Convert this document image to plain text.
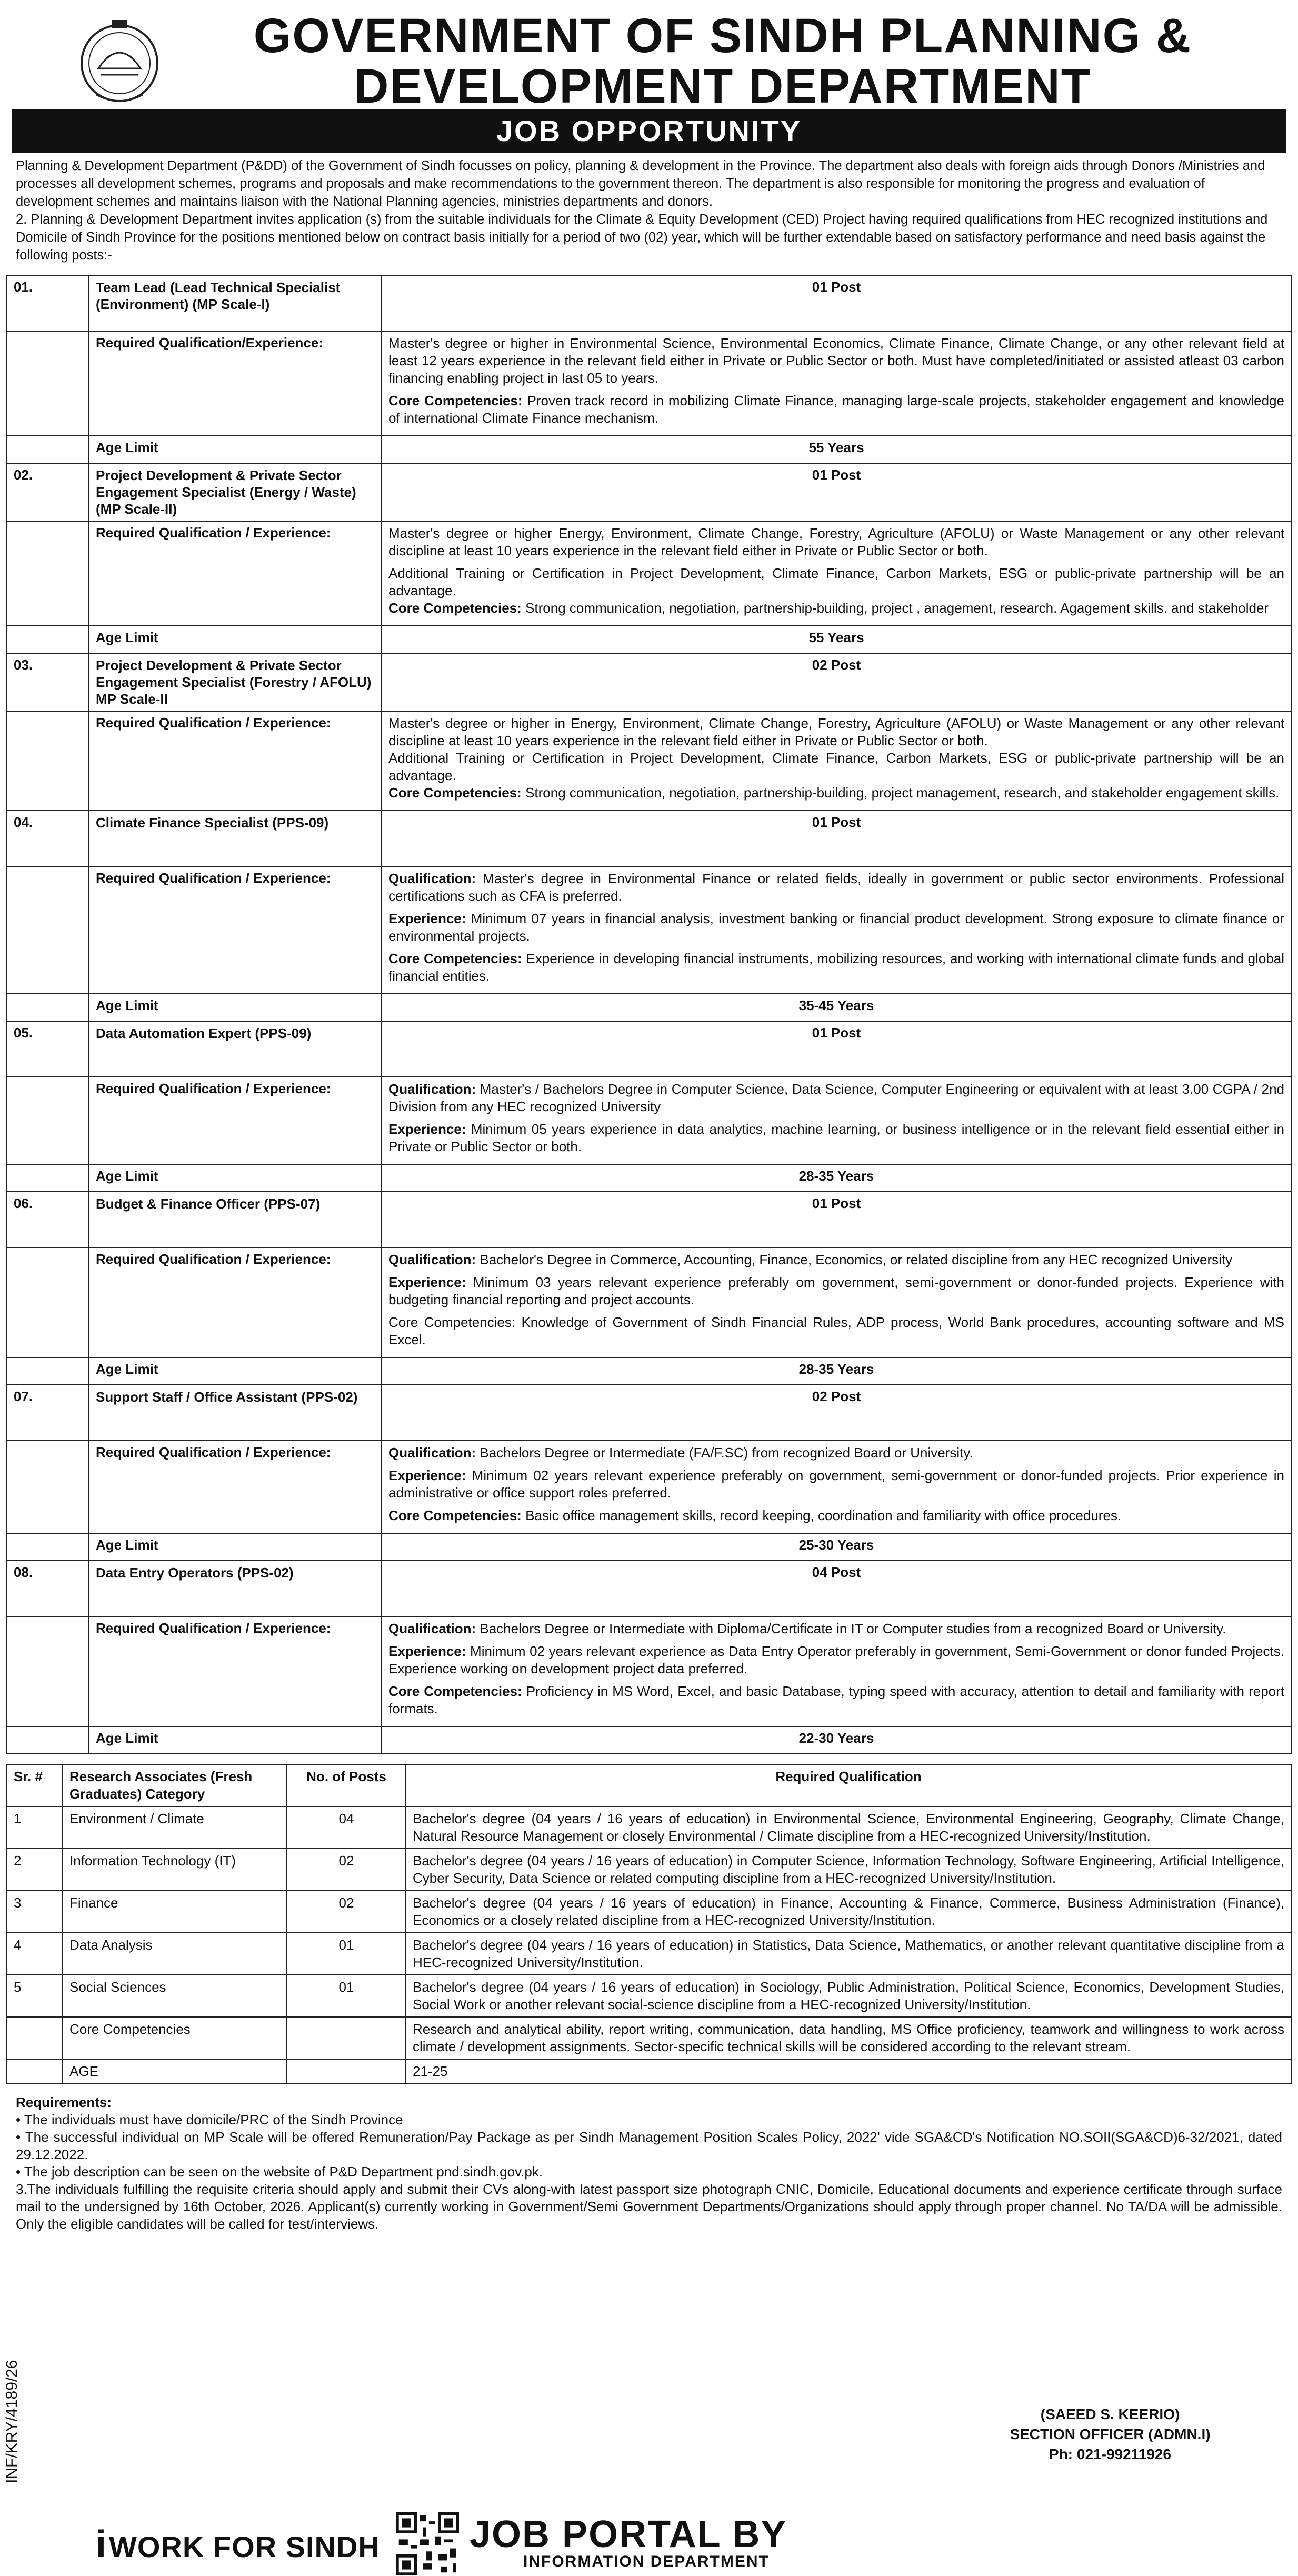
GOVERNMENT OF SINDH PLANNING &
DEVELOPMENT DEPARTMENT
JOB OPPORTUNITY

Planning & Development Department (P&DD) of the Government of Sindh focusses on policy, planning & development in the Province. The department also deals with foreign aids through Donors /Ministries and processes all development schemes, programs and proposals and make recommendations to the government thereon. The department is also responsible for monitoring the progress and evaluation of development schemes and maintains liaison with the National Planning agencies, ministries departments and donors.

2. Planning & Development Department invites application (s) from the suitable individuals for the Climate & Equity Development (CED) Project having required qualifications from HEC recognized institutions and Domicile of Sindh Province for the positions mentioned below on contract basis initially for a period of two (02) year, which will be further extendable based on satisfactory performance and need basis against the following posts:-

01.	Team Lead (Lead Technical Specialist (Environment) (MP Scale-I)	01 Post
	Required Qualification/Experience:	Master's degree or higher in Environmental Science, Environmental Economics, Climate Finance, Climate Change, or any other relevant field at least 12 years experience in the relevant field either in Private or Public Sector or both. Must have completed/initiated or assisted atleast 03 carbon financing enabling project in last 05 to years.

Core Competencies: Proven track record in mobilizing Climate Finance, managing large-scale projects, stakeholder engagement and knowledge of international Climate Finance mechanism.

	Age Limit	55 Years
02.	Project Development & Private Sector Engagement Specialist (Energy / Waste) (MP Scale-II)	01 Post
	Required Qualification / Experience:	Master's degree or higher Energy, Environment, Climate Change, Forestry, Agriculture (AFOLU) or Waste Management or any other relevant discipline at least 10 years experience in the relevant field either in Private or Public Sector or both.

Additional Training or Certification in Project Development, Climate Finance, Carbon Markets, ESG or public-private partnership will be an advantage.

Core Competencies: Strong communication, negotiation, partnership-building, project , anagement, research. Agagement skills. and stakeholder

	Age Limit	55 Years
03.	Project Development & Private Sector Engagement Specialist (Forestry / AFOLU) MP Scale-II	02 Post
	Required Qualification / Experience:	Master's degree or higher in Energy, Environment, Climate Change, Forestry, Agriculture (AFOLU) or Waste Management or any other relevant discipline at least 10 years experience in the relevant field either in Private or Public Sector or both.

Additional Training or Certification in Project Development, Climate Finance, Carbon Markets, ESG or public-private partnership will be an advantage.

Core Competencies: Strong communication, negotiation, partnership-building, project management, research, and stakeholder engagement skills.

04.	Climate Finance Specialist (PPS-09)	01 Post
	Required Qualification / Experience:	Qualification: Master's degree in Environmental Finance or related fields, ideally in government or public sector environments. Professional certifications such as CFA is preferred.

Experience: Minimum 07 years in financial analysis, investment banking or financial product development. Strong exposure to climate finance or environmental projects.

Core Competencies: Experience in developing financial instruments, mobilizing resources, and working with international climate funds and global financial entities.

	Age Limit	35-45 Years
05.	Data Automation Expert (PPS-09)	01 Post
	Required Qualification / Experience:	Qualification: Master's / Bachelors Degree in Computer Science, Data Science, Computer Engineering or equivalent with at least 3.00 CGPA / 2nd Division from any HEC recognized University

Experience: Minimum 05 years experience in data analytics, machine learning, or business intelligence or in the relevant field essential either in Private or Public Sector or both.

	Age Limit	28-35 Years
06.	Budget & Finance Officer (PPS-07)	01 Post
	Required Qualification / Experience:	Qualification: Bachelor's Degree in Commerce, Accounting, Finance, Economics, or related discipline from any HEC recognized University

Experience: Minimum 03 years relevant experience preferably om government, semi-government or donor-funded projects. Experience with budgeting financial reporting and project accounts.

Core Competencies: Knowledge of Government of Sindh Financial Rules, ADP process, World Bank procedures, accounting software and MS Excel.

	Age Limit	28-35 Years
07.	Support Staff / Office Assistant (PPS-02)	02 Post
	Required Qualification / Experience:	Qualification: Bachelors Degree or Intermediate (FA/F.SC) from recognized Board or University.

Experience: Minimum 02 years relevant experience preferably on government, semi-government or donor-funded projects. Prior experience in administrative or office support roles preferred.

Core Competencies: Basic office management skills, record keeping, coordination and familiarity with office procedures.

	Age Limit	25-30 Years
08.	Data Entry Operators (PPS-02)	04 Post
	Required Qualification / Experience:	Qualification: Bachelors Degree or Intermediate with Diploma/Certificate in IT or Computer studies from a recognized Board or University.

Experience: Minimum 02 years relevant experience as Data Entry Operator preferably in government, Semi-Government or donor funded Projects. Experience working on development project data preferred.

Core Competencies: Proficiency in MS Word, Excel, and basic Database, typing speed with accuracy, attention to detail and familiarity with report formats.

	Age Limit	22-30 Years
Sr. #	Research Associates (Fresh Graduates) Category	No. of Posts	Required Qualification
1	Environment / Climate	04	Bachelor's degree (04 years / 16 years of education) in Environmental Science, Environmental Engineering, Geography, Climate Change, Natural Resource Management or closely Environmental / Climate discipline from a HEC-recognized University/Institution.
2	Information Technology (IT)	02	Bachelor's degree (04 years / 16 years of education) in Computer Science, Information Technology, Software Engineering, Artificial Intelligence, Cyber Security, Data Science or related computing discipline from a HEC-recognized University/Institution.
3	Finance	02	Bachelor's degree (04 years / 16 years of education) in Finance, Accounting & Finance, Commerce, Business Administration (Finance), Economics or a closely related discipline from a HEC-recognized University/Institution.
4	Data Analysis	01	Bachelor's degree (04 years / 16 years of education) in Statistics, Data Science, Mathematics, or another relevant quantitative discipline from a HEC-recognized University/Institution.
5	Social Sciences	01	Bachelor's degree (04 years / 16 years of education) in Sociology, Public Administration, Political Science, Economics, Development Studies, Social Work or another relevant social-science discipline from a HEC-recognized University/Institution.
	Core Competencies		Research and analytical ability, report writing, communication, data handling, MS Office proficiency, teamwork and willingness to work across climate / development assignments. Sector-specific technical skills will be considered according to the relevant stream.
	AGE		21-25
Requirements:

• The individuals must have domicile/PRC of the Sindh Province

• The successful individual on MP Scale will be offered Remuneration/Pay Package as per Sindh Management Position Scales Policy, 2022' vide SGA&CD's Notification NO.SOII(SGA&CD)6-32/2021, dated 29.12.2022.

• The job description can be seen on the website of P&D Department pnd.sindh.gov.pk.

3.The individuals fulfilling the requisite criteria should apply and submit their CVs along-with latest passport size photograph CNIC, Domicile, Educational documents and experience certificate through surface mail to the undersigned by 16th October, 2026. Applicant(s) currently working in Government/Semi Government Departments/Organizations should apply through proper channel. No TA/DA will be admissible. Only the eligible candidates will be called for test/interviews.

INF/KRY/4189/26	(SAEED S. KEERIO)
SECTION OFFICER (ADMN.I)
Ph: 021-99211926
iWORK FOR SINDH JOB PORTAL BY
INFORMATION DEPARTMENT
